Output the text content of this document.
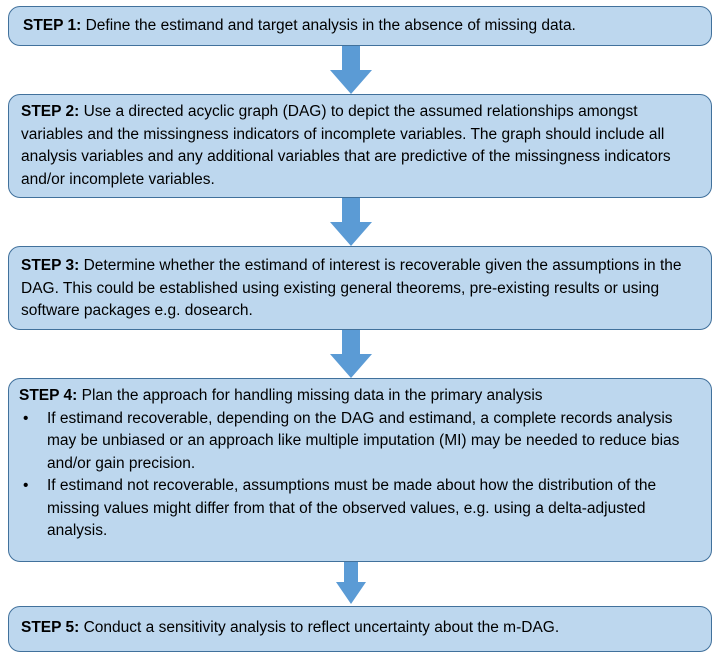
STEP 1: Define the estimand and target analysis in the absence of missing data.
STEP 2: Use a directed acyclic graph (DAG) to depict the assumed relationships amongst variables and the missingness indicators of incomplete variables. The graph should include all analysis variables and any additional variables that are predictive of the missingness indicators and/or incomplete variables.
STEP 3: Determine whether the estimand of interest is recoverable given the assumptions in the DAG. This could be established using existing general theorems, pre-existing results or using software packages e.g. dosearch.
STEP 4: Plan the approach for handling missing data in the primary analysis
• If estimand recoverable, depending on the DAG and estimand, a complete records analysis may be unbiased or an approach like multiple imputation (MI) may be needed to reduce bias and/or gain precision.
• If estimand not recoverable, assumptions must be made about how the distribution of the missing values might differ from that of the observed values, e.g. using a delta-adjusted analysis.
STEP 5: Conduct a sensitivity analysis to reflect uncertainty about the m-DAG.
